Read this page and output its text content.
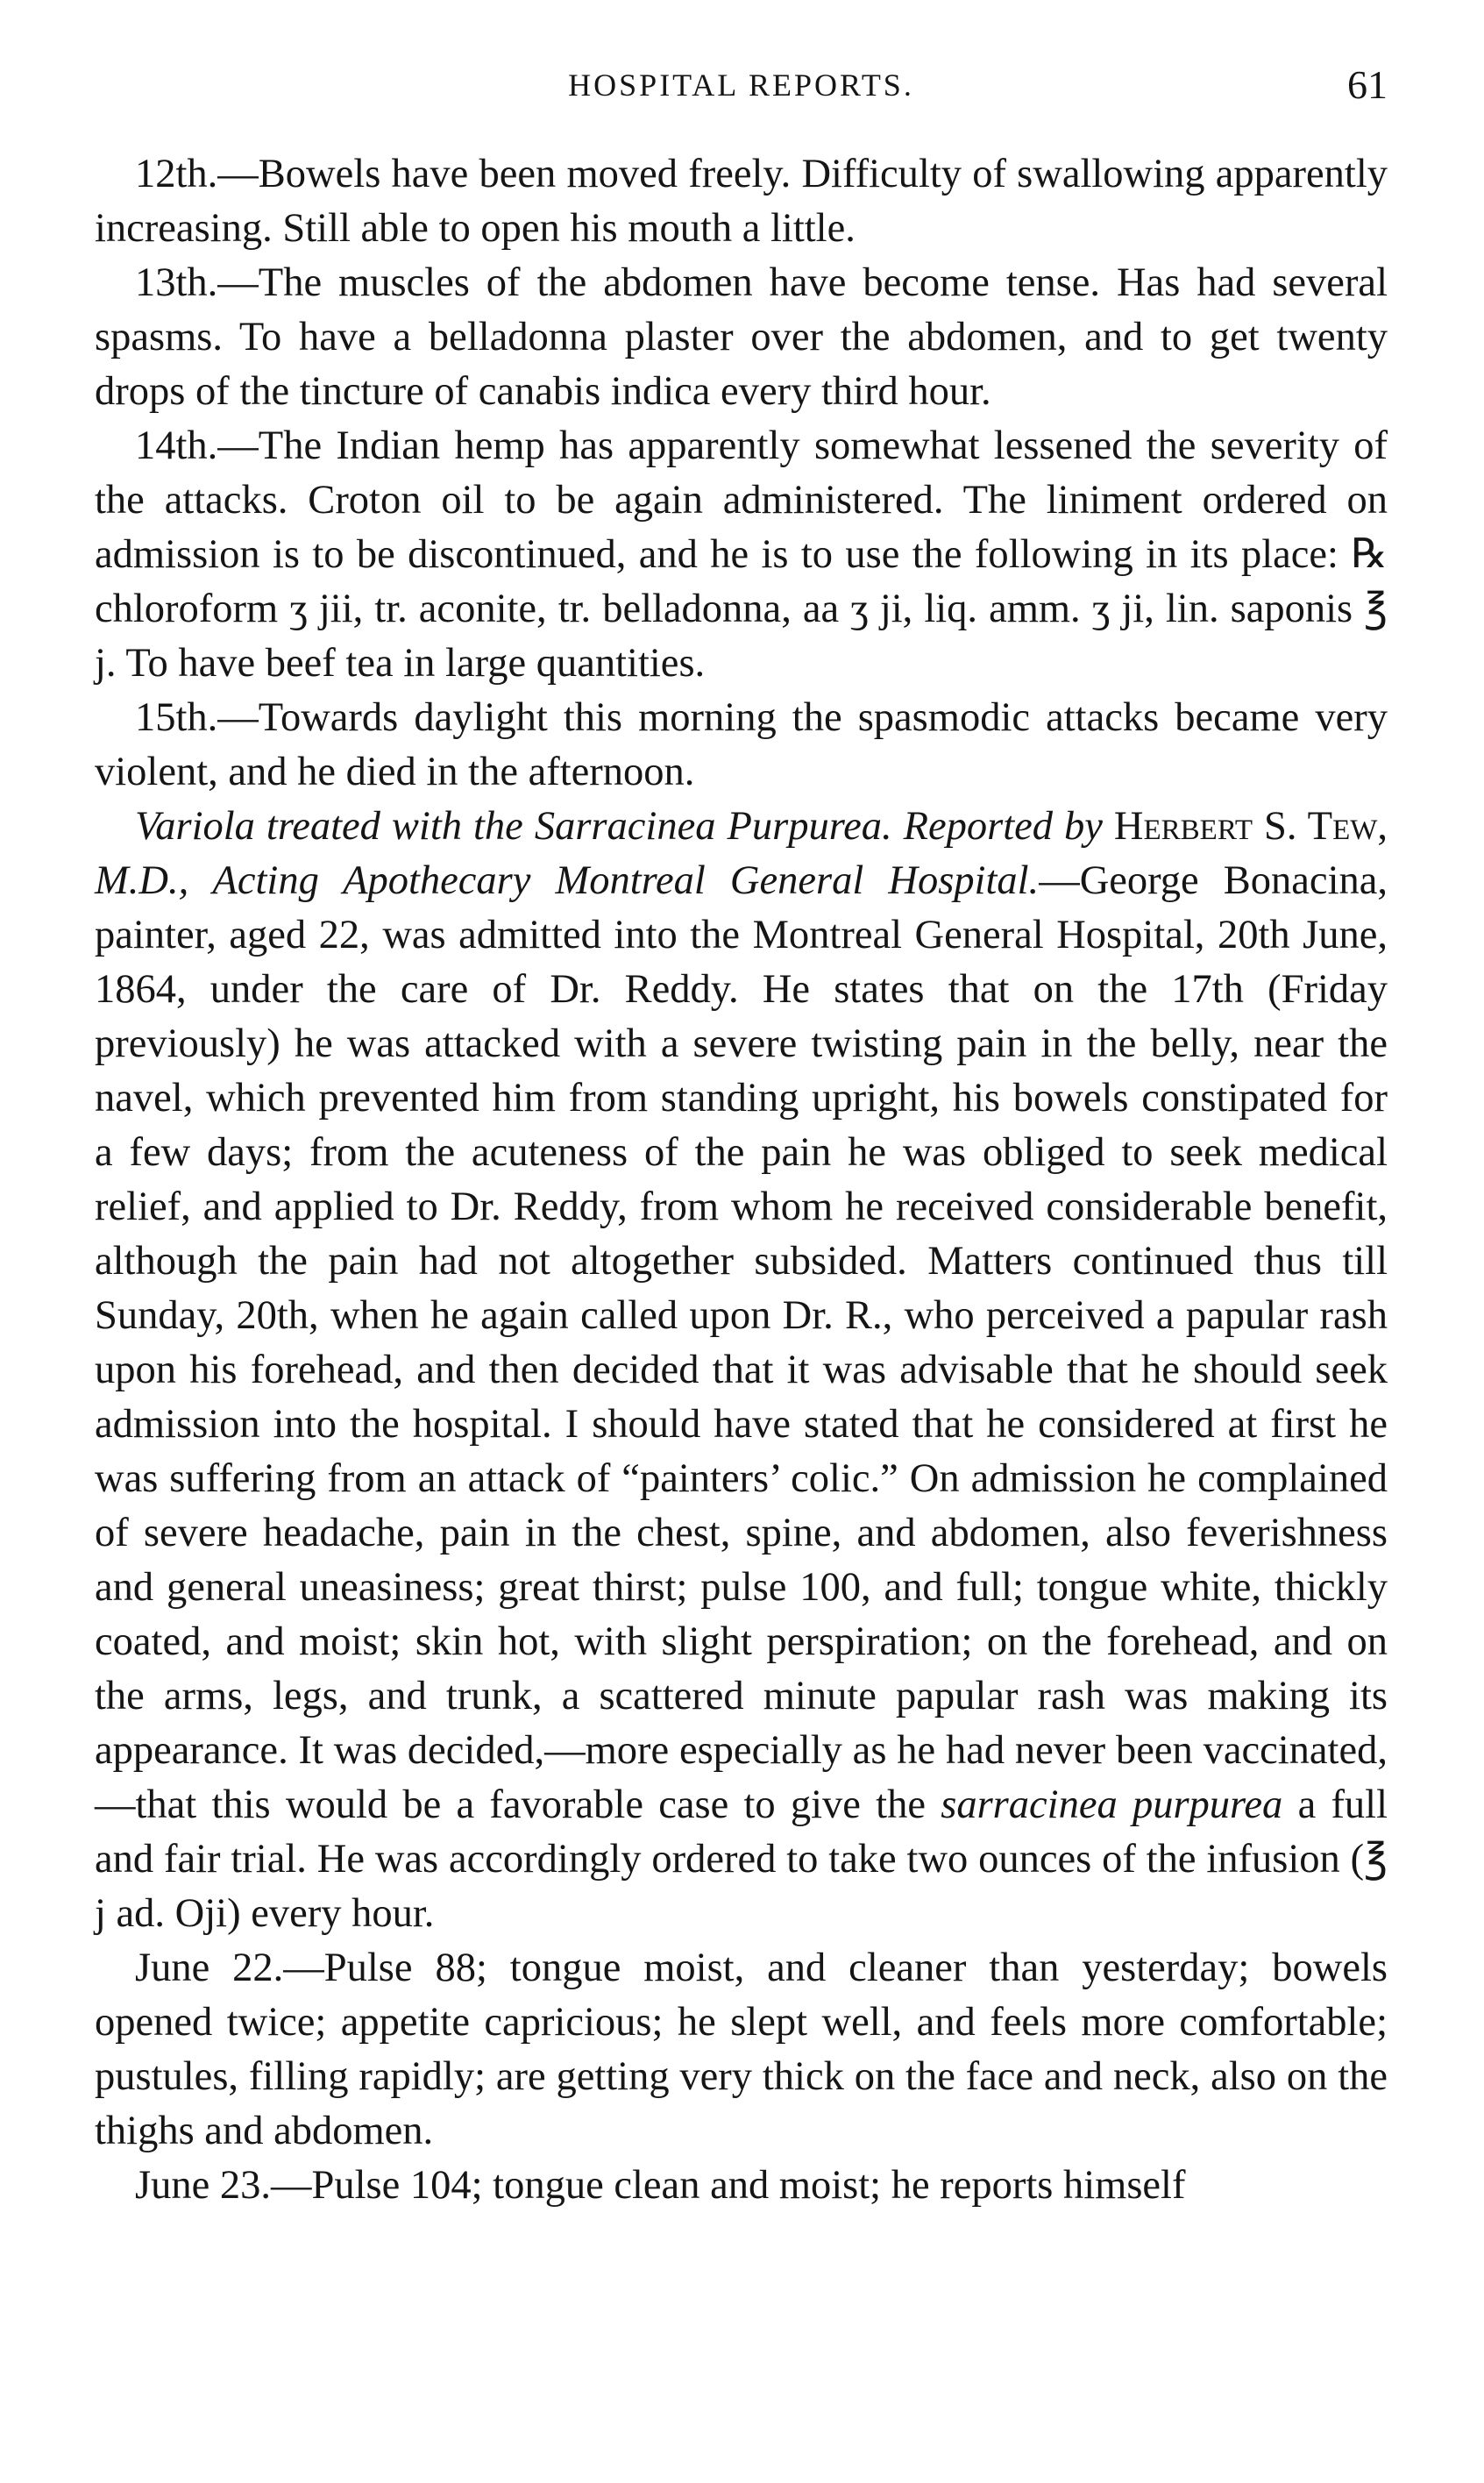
HOSPITAL REPORTS.	61

12th.—Bowels have been moved freely. Difficulty of swallowing apparently increasing. Still able to open his mouth a little.

13th.—The muscles of the abdomen have become tense. Has had several spasms. To have a belladonna plaster over the abdomen, and to get twenty drops of the tincture of canabis indica every third hour.

14th.—The Indian hemp has apparently somewhat lessened the severity of the attacks. Croton oil to be again administered. The liniment ordered on admission is to be discontinued, and he is to use the following in its place: ℞ chloroform ʒ jii, tr. aconite, tr. belladonna, aa ʒ ji, liq. amm. ʒ ji, lin. saponis ℥ j. To have beef tea in large quantities.

15th.—Towards daylight this morning the spasmodic attacks became very violent, and he died in the afternoon.

Variola treated with the Sarracinea Purpurea. Reported by Herbert S. Tew, M.D., Acting Apothecary Montreal General Hospital.—George Bonacina, painter, aged 22, was admitted into the Montreal General Hospital, 20th June, 1864, under the care of Dr. Reddy. He states that on the 17th (Friday previously) he was attacked with a severe twisting pain in the belly, near the navel, which prevented him from standing upright, his bowels constipated for a few days; from the acuteness of the pain he was obliged to seek medical relief, and applied to Dr. Reddy, from whom he received considerable benefit, although the pain had not altogether subsided. Matters continued thus till Sunday, 20th, when he again called upon Dr. R., who perceived a papular rash upon his forehead, and then decided that it was advisable that he should seek admission into the hospital. I should have stated that he considered at first he was suffering from an attack of “painters’ colic.” On admission he complained of severe headache, pain in the chest, spine, and abdomen, also feverishness and general uneasiness; great thirst; pulse 100, and full; tongue white, thickly coated, and moist; skin hot, with slight perspiration; on the forehead, and on the arms, legs, and trunk, a scattered minute papular rash was making its appearance. It was decided,—more especially as he had never been vaccinated,—that this would be a favorable case to give the sarracinea purpurea a full and fair trial. He was accordingly ordered to take two ounces of the infusion (℥ j ad. Oji) every hour.

June 22.—Pulse 88; tongue moist, and cleaner than yesterday; bowels opened twice; appetite capricious; he slept well, and feels more comfortable; pustules, filling rapidly; are getting very thick on the face and neck, also on the thighs and abdomen.

June 23.—Pulse 104; tongue clean and moist; he reports himself
